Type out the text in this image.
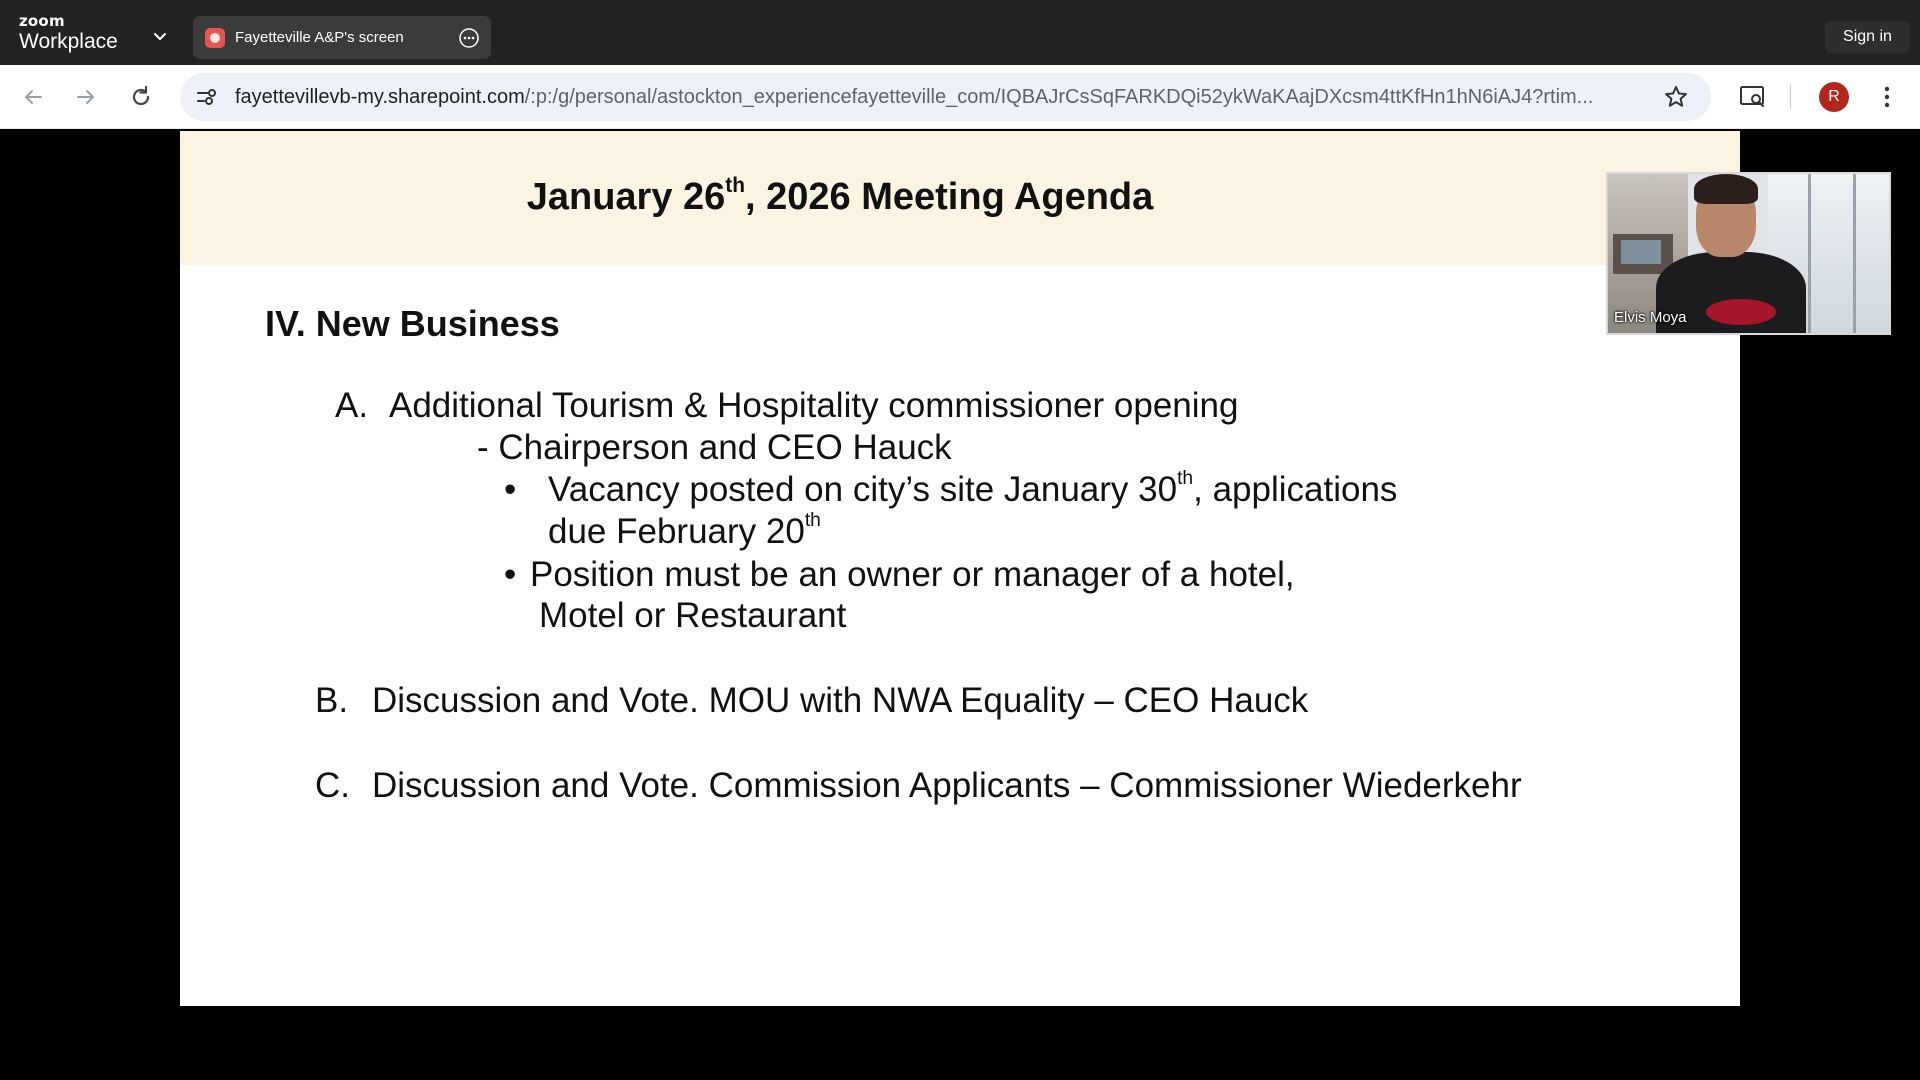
zoom
Workplace	Fayetteville A&P's screen	Sign in
fayettevillevb-my.sharepoint.com/:p:/g/personal/astockton_experiencefayetteville_com/IQBAJrCsSqFARKDQi52ykWaKAajDXcsm4ttKfHn1hN6iAJ4?rtim...	R
January 26th, 2026 Meeting Agenda
IV. New Business
A. Additional Tourism & Hospitality commissioner opening
- Chairperson and CEO Hauck
• Vacancy posted on city’s site January 30th, applications
due February 20th
• Position must be an owner or manager of a hotel,
Motel or Restaurant
B. Discussion and Vote. MOU with NWA Equality – CEO Hauck
C. Discussion and Vote. Commission Applicants – Commissioner Wiederkehr
Elvis Moya
